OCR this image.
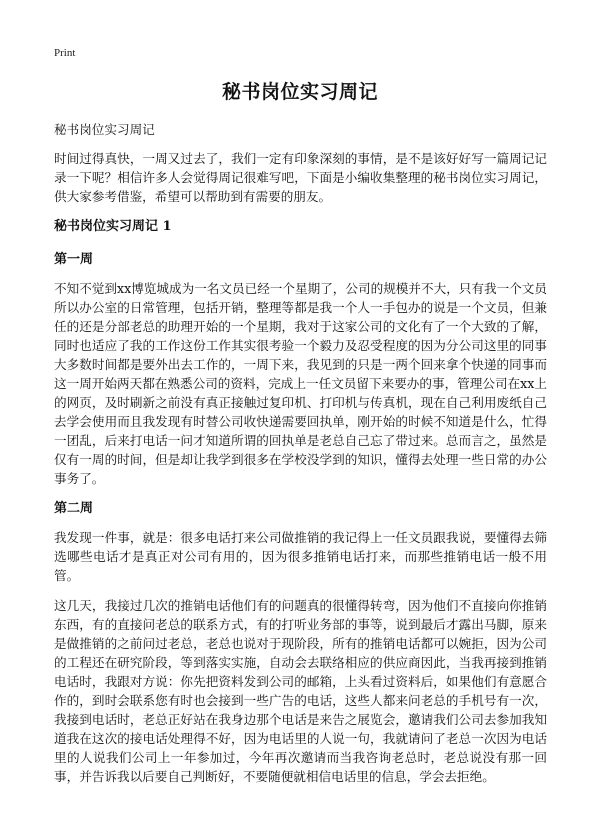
Print
秘书岗位实习周记

秘书岗位实习周记

时间过得真快，一周又过去了，我们一定有印象深刻的事情，是不是该好好写一篇周记记录一下呢？相信许多人会觉得周记很难写吧，下面是小编收集整理的秘书岗位实习周记，供大家参考借鉴，希望可以帮助到有需要的朋友。

秘书岗位实习周记 1

第一周

不知不觉到xx博览城成为一名文员已经一个星期了，公司的规模并不大，只有我一个文员所以办公室的日常管理，包括开销，整理等都是我一个人一手包办的说是一个文员，但兼任的还是分部老总的助理开始的一个星期，我对于这家公司的文化有了一个大致的了解，同时也适应了我的工作这份工作其实很考验一个毅力及忍受程度的因为分公司这里的同事大多数时间都是要外出去工作的，一周下来，我见到的只是一两个回来拿个快递的同事而这一周开始两天都在熟悉公司的资料，完成上一任文员留下来要办的事，管理公司在xx上的网页，及时刷新之前没有真正接触过复印机、打印机与传真机，现在自己利用废纸自己去学会使用而且我发现有时替公司收快递需要回执单，刚开始的时候不知道是什么，忙得一团乱，后来打电话一问才知道所谓的回执单是老总自己忘了带过来。总而言之，虽然是仅有一周的时间，但是却让我学到很多在学校没学到的知识，懂得去处理一些日常的办公事务了。

第二周

我发现一件事，就是：很多电话打来公司做推销的我记得上一任文员跟我说，要懂得去筛选哪些电话才是真正对公司有用的，因为很多推销电话打来，而那些推销电话一般不用管。

这几天，我接过几次的推销电话他们有的问题真的很懂得转弯，因为他们不直接向你推销东西，有的直接问老总的联系方式，有的打听业务部的事等，说到最后才露出马脚，原来是做推销的之前问过老总，老总也说对于现阶段，所有的推销电话都可以婉拒，因为公司的工程还在研究阶段，等到落实实施，自动会去联络相应的供应商因此，当我再接到推销电话时，我跟对方说：你先把资料发到公司的邮箱，上头看过资料后，如果他们有意愿合作的，到时会联系您有时也会接到一些广告的电话，这些人都来问老总的手机号有一次，我接到电话时，老总正好站在我身边那个电话是来告之展览会，邀请我们公司去参加我知道我在这次的接电话处理得不好，因为电话里的人说一句，我就请问了老总一次因为电话里的人说我们公司上一年参加过，今年再次邀请而当我咨询老总时，老总说没有那一回事，并告诉我以后要自己判断好，不要随便就相信电话里的信息，学会去拒绝。
